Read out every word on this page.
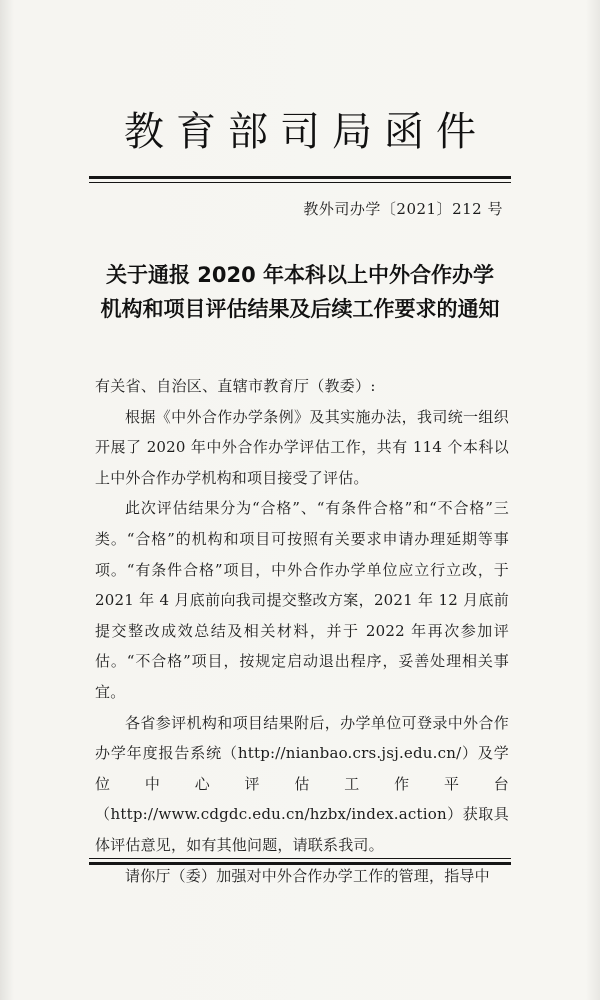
教育部司局函件
教外司办学〔2021〕212 号
关于通报 2020 年本科以上中外合作办学
机构和项目评估结果及后续工作要求的通知
有关省、自治区、直辖市教育厅（教委）:

根据《中外合作办学条例》及其实施办法，我司统一组织开展了 2020 年中外合作办学评估工作，共有 114 个本科以上中外合作办学机构和项目接受了评估。

此次评估结果分为“合格”、“有条件合格”和“不合格”三类。“合格”的机构和项目可按照有关要求申请办理延期等事项。“有条件合格”项目，中外合作办学单位应立行立改，于 2021 年 4 月底前向我司提交整改方案，2021 年 12 月底前提交整改成效总结及相关材料，并于 2022 年再次参加评估。“不合格”项目，按规定启动退出程序，妥善处理相关事宜。

各省参评机构和项目结果附后，办学单位可登录中外合作办学年度报告系统（http://nianbao.crs.jsj.edu.cn/）及学位中心评估工作平台（http://www.cdgdc.edu.cn/hzbx/index.action）获取具体评估意见，如有其他问题，请联系我司。

请你厅（委）加强对中外合作办学工作的管理，指导中
